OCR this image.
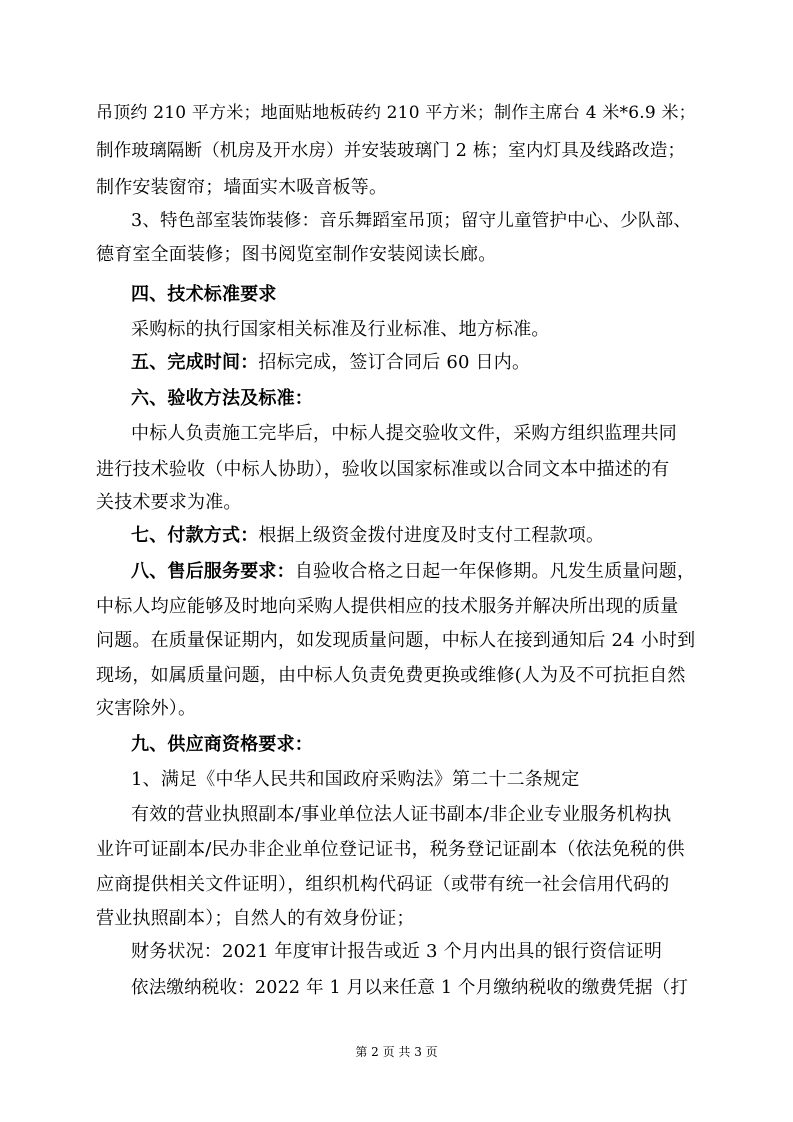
吊顶约 210 平方米；地面贴地板砖约 210 平方米；制作主席台 4 米*6.9 米；
制作玻璃隔断（机房及开水房）并安装玻璃门 2 栋；室内灯具及线路改造；
制作安装窗帘；墙面实木吸音板等。
3、特色部室装饰装修：音乐舞蹈室吊顶；留守儿童管护中心、少队部、
德育室全面装修；图书阅览室制作安装阅读长廊。
四、技术标准要求
采购标的执行国家相关标准及行业标准、地方标准。
五、完成时间：招标完成，签订合同后 60 日内。
六、验收方法及标准：
中标人负责施工完毕后，中标人提交验收文件，采购方组织监理共同
进行技术验收（中标人协助），验收以国家标准或以合同文本中描述的有
关技术要求为准。
七、付款方式：根据上级资金拨付进度及时支付工程款项。
八、售后服务要求：自验收合格之日起一年保修期。凡发生质量问题，
中标人均应能够及时地向采购人提供相应的技术服务并解决所出现的质量
问题。在质量保证期内，如发现质量问题，中标人在接到通知后 24 小时到
现场，如属质量问题，由中标人负责免费更换或维修(人为及不可抗拒自然
灾害除外）。
九、供应商资格要求：
1、满足《中华人民共和国政府采购法》第二十二条规定
有效的营业执照副本/事业单位法人证书副本/非企业专业服务机构执
业许可证副本/民办非企业单位登记证书，税务登记证副本（依法免税的供
应商提供相关文件证明），组织机构代码证（或带有统一社会信用代码的
营业执照副本）；自然人的有效身份证；
财务状况：2021 年度审计报告或近 3 个月内出具的银行资信证明
依法缴纳税收：2022 年 1 月以来任意 1 个月缴纳税收的缴费凭据（打
第 2 页 共 3 页
